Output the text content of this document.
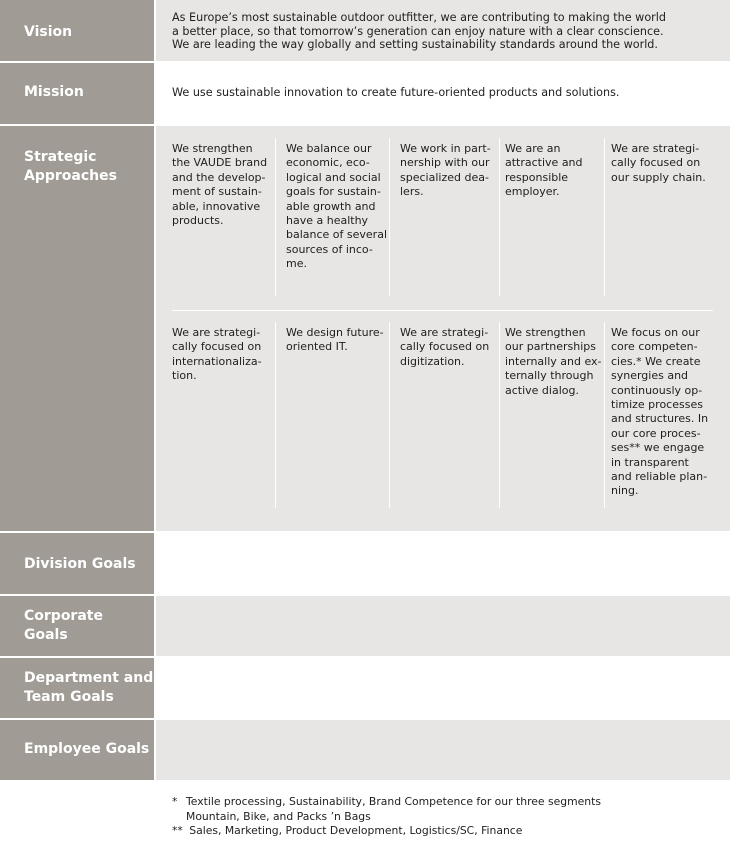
Vision
As Europe’s most sustainable outdoor outfitter, we are contributing to making the world
a better place, so that tomorrow’s generation can enjoy nature with a clear conscience.
We are leading the way globally and setting sustainability standards around the world.
Mission	We use sustainable innovation to create future-oriented products and solutions.
Strategic
Approaches
We strengthen
the VAUDE brand
and the develop-
ment of sustain-
able, innovative
products.
We balance our
economic, eco-
logical and social
goals for sustain-
able growth and
have a healthy
balance of several
sources of inco-
me.
We work in part-
nership with our
specialized dea-
lers.
We are an
attractive and
responsible
employer.
We are strategi-
cally focused on
our supply chain.
We are strategi-
cally focused on
internationaliza-
tion.
We design future-
oriented IT.
We are strategi-
cally focused on
digitization.
We strengthen
our partnerships
internally and ex-
ternally through
active dialog.
We focus on our
core competen-
cies.* We create
synergies and
continuously op-
timize processes
and structures. In
our core proces-
ses** we engage
in transparent
and reliable plan-
ning.
Division Goals
Corporate
Goals
Department and
Team Goals
Employee Goals
* Textile processing, Sustainability, Brand Competence for our three segments
Mountain, Bike, and Packs ’n Bags
** Sales, Marketing, Product Development, Logistics/SC, Finance
